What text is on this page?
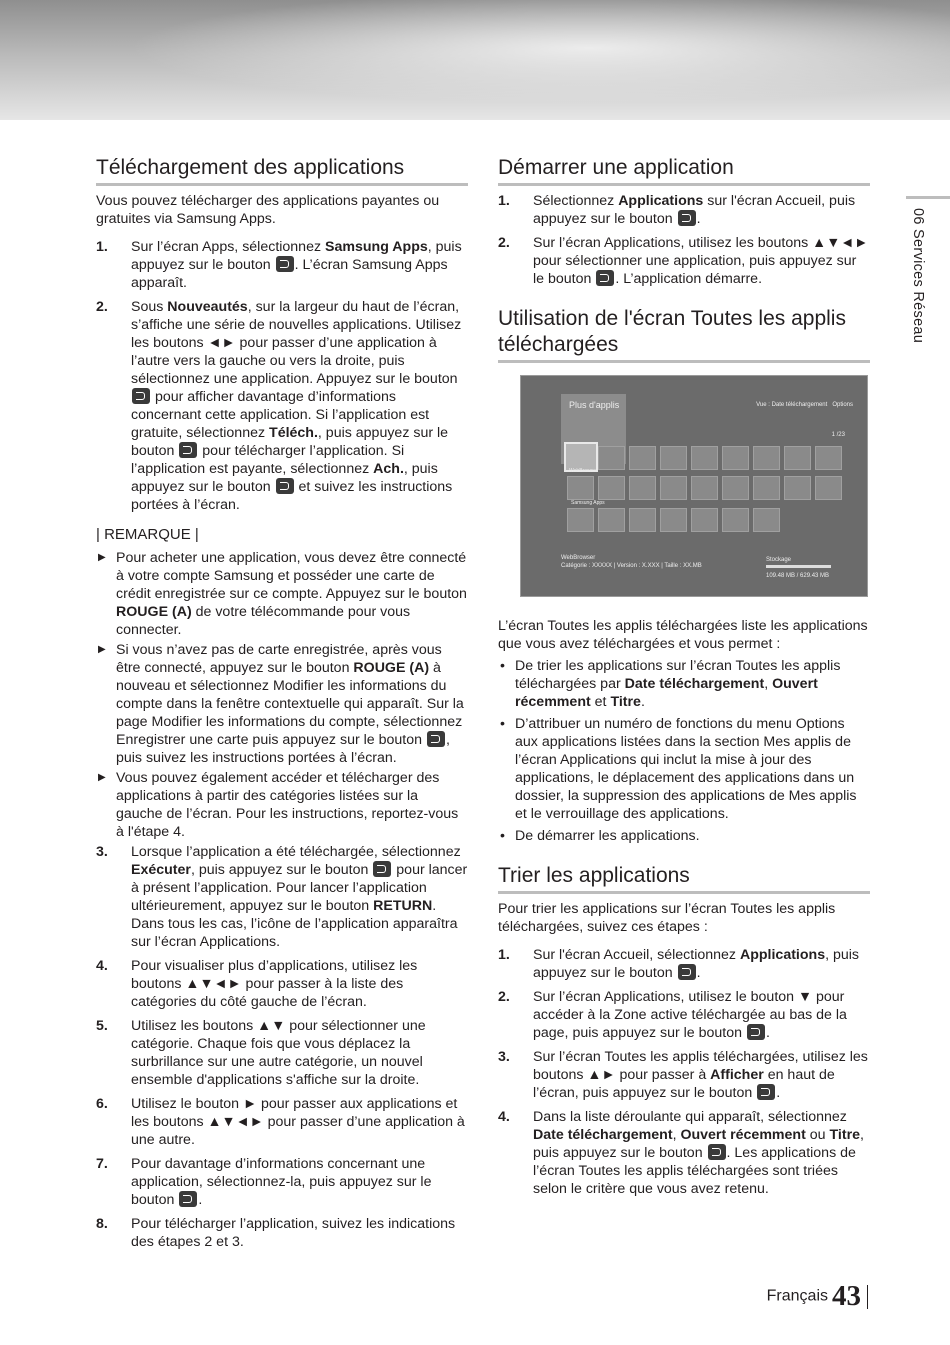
06 Services Réseau
Téléchargement des applications

Vous pouvez télécharger des applications payantes ou gratuites via Samsung Apps.

1. Sur l’écran Apps, sélectionnez Samsung Apps, puis appuyez sur le bouton . L’écran Samsung Apps apparaît.
2. Sous Nouveautés, sur la largeur du haut de l’écran, s’affiche une série de nouvelles applications. Utilisez les boutons ◄► pour passer d’une application à l’autre vers la gauche ou vers la droite, puis sélectionnez une application. Appuyez sur le bouton  pour afficher davantage d’informations concernant cette application. Si l’application est gratuite, sélectionnez Téléch., puis appuyez sur le bouton  pour télécharger l’application. Si l’application est payante, sélectionnez Ach., puis appuyez sur le bouton  et suivez les instructions portées à l’écran.
| REMARQUE |
▶ Pour acheter une application, vous devez être connecté à votre compte Samsung et posséder une carte de crédit enregistrée sur ce compte. Appuyez sur le bouton ROUGE (A) de votre télécommande pour vous connecter.
▶ Si vous n’avez pas de carte enregistrée, après vous être connecté, appuyez sur le bouton ROUGE (A) à nouveau et sélectionnez Modifier les informations du compte dans la fenêtre contextuelle qui apparaît. Sur la page Modifier les informations du compte, sélectionnez Enregistrer une carte puis appuyez sur le bouton , puis suivez les instructions portées à l’écran.
▶ Vous pouvez également accéder et télécharger des applications à partir des catégories listées sur la gauche de l’écran. Pour les instructions, reportez-vous à l'étape 4.
3. Lorsque l’application a été téléchargée, sélectionnez Exécuter, puis appuyez sur le bouton  pour lancer à présent l’application. Pour lancer l’application ultérieurement, appuyez sur le bouton RETURN. Dans tous les cas, l’icône de l’application apparaîtra sur l’écran Applications.
4. Pour visualiser plus d’applications, utilisez les boutons ▲▼◄► pour passer à la liste des catégories du côté gauche de l’écran.
5. Utilisez les boutons ▲▼ pour sélectionner une catégorie. Chaque fois que vous déplacez la surbrillance sur une autre catégorie, un nouvel ensemble d'applications s'affiche sur la droite.
6. Utilisez le bouton ► pour passer aux applications et les boutons ▲▼◄► pour passer d’une application à une autre.
7. Pour davantage d’informations concernant une application, sélectionnez-la, puis appuyez sur le bouton .
8. Pour télécharger l’application, suivez les indications des étapes 2 et 3.
Démarrer une application
1. Sélectionnez Applications sur l'écran Accueil, puis appuyez sur le bouton .
2. Sur l’écran Applications, utilisez les boutons ▲▼◄► pour sélectionner une application, puis appuyez sur le bouton . L’application démarre.
Utilisation de l'écran Toutes les applis téléchargées
Plus d'applis	Vue : Date téléchargement Options
1 /23
WebBrowser
Samsung Apps
WebBrowser
Catégorie : XXXXX | Version : X.XXX | Taille : XX.MB
Stockage
109.48 MB / 629.43 MB

L’écran Toutes les applis téléchargées liste les applications que vous avez téléchargées et vous permet :

• De trier les applications sur l’écran Toutes les applis téléchargées par Date téléchargement, Ouvert récemment et Titre.
• D’attribuer un numéro de fonctions du menu Options aux applications listées dans la section Mes applis de l’écran Applications qui inclut la mise à jour des applications, le déplacement des applications dans un dossier, la suppression des applications de Mes applis et le verrouillage des applications.
• De démarrer les applications.
Trier les applications

Pour trier les applications sur l’écran Toutes les applis téléchargées, suivez ces étapes :

1. Sur l'écran Accueil, sélectionnez Applications, puis appuyez sur le bouton .
2. Sur l’écran Applications, utilisez le bouton ▼ pour accéder à la Zone active téléchargée au bas de la page, puis appuyez sur le bouton .
3. Sur l’écran Toutes les applis téléchargées, utilisez les boutons ▲► pour passer à Afficher en haut de l’écran, puis appuyez sur le bouton .
4. Dans la liste déroulante qui apparaît, sélectionnez Date téléchargement, Ouvert récemment ou Titre, puis appuyez sur le bouton . Les applications de l’écran Toutes les applis téléchargées sont triées selon le critère que vous avez retenu.
Français 43
